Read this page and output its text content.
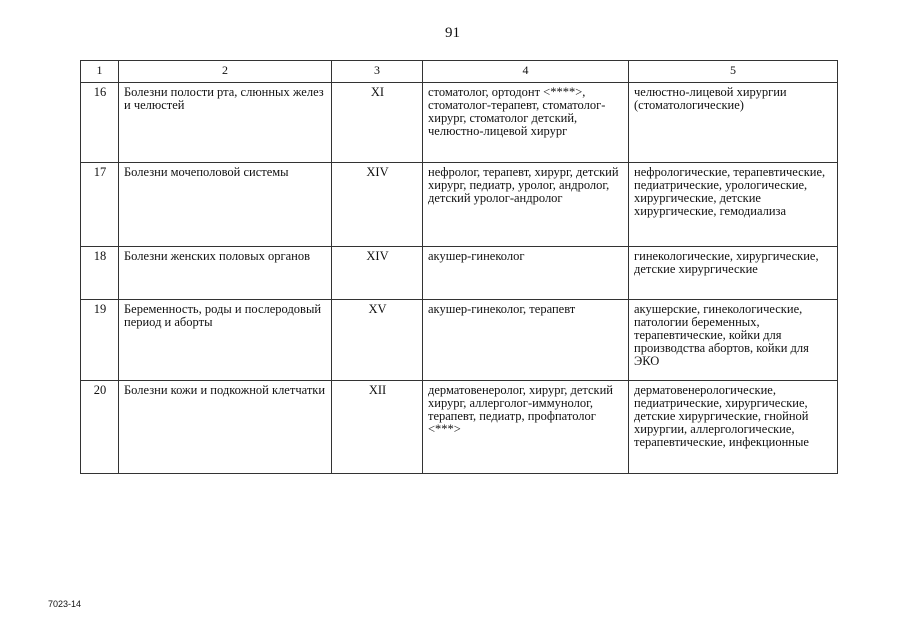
91
1	2	3	4	5
16	Болезни полости рта, слюнных желез и челюстей	XI	стоматолог, ортодонт <****>, стоматолог-терапевт, стоматолог-хирург, стоматолог детский, челюстно-лицевой хирург	челюстно-лицевой хирургии (стоматологические)
17	Болезни мочеполовой системы	XIV	нефролог, терапевт, хирург, детский хирург, педиатр, уролог, андролог, детский уролог-андролог	нефрологические, терапевтические, педиатрические, урологические, хирургические, детские хирургические, гемодиализа
18	Болезни женских половых органов	XIV	акушер-гинеколог	гинекологические, хирургические, детские хирургические
19	Беременность, роды и послеродовый период и аборты	XV	акушер-гинеколог, терапевт	акушерские, гинекологические, патологии беременных, терапевтические, койки для производства абортов, койки для ЭКО
20	Болезни кожи и подкожной клетчатки	XII	дерматовенеролог, хирург, детский хирург, аллерголог-иммунолог, терапевт, педиатр, профпатолог <***>	дерматовенерологические, педиатрические, хирургические, детские хирургические, гнойной хирургии, аллергологические, терапевтические, инфекционные
7023-14
